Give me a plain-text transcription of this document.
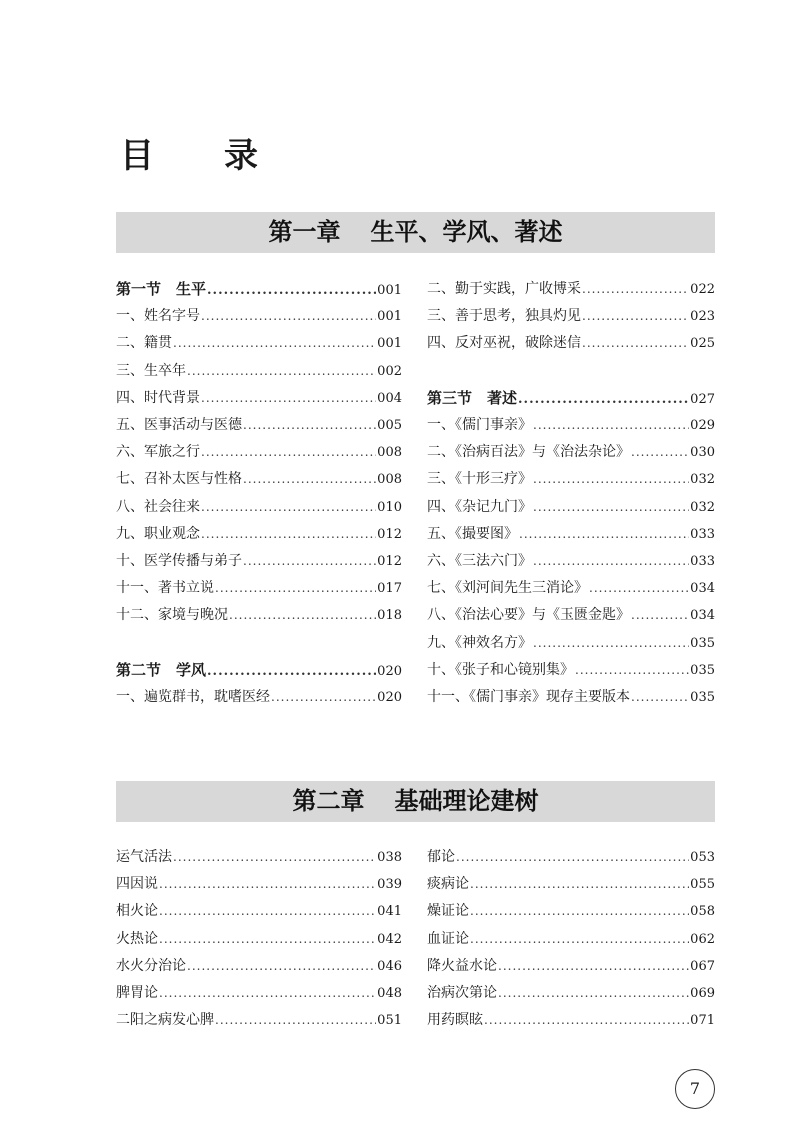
目　录
第一章 生平、学风、著述
第一节　生平 .....	001
一、姓名字号 .....	001
二、籍贯 .....	001
三、生卒年 .....	002
四、时代背景 .....	004
五、医事活动与医德 .....	005
六、军旅之行 .....	008
七、召补太医与性格 .....	008
八、社会往来 .....	010
九、职业观念 .....	012
十、医学传播与弟子 .....	012
十一、著书立说 .....	017
十二、家境与晚况 .....	018
第二节　学风 .....	020
一、遍览群书，耽嗜医经 .....	020
二、勤于实践，广收博采 .....	022
三、善于思考，独具灼见 .....	023
四、反对巫祝，破除迷信 .....	025
第三节　著述 .....	027
一、《儒门事亲》 .....	029
二、《治病百法》与《治法杂论》 .....	030
三、《十形三疗》 .....	032
四、《杂记九门》 .....	032
五、《撮要图》 .....	033
六、《三法六门》 .....	033
七、《刘河间先生三消论》 .....	034
八、《治法心要》与《玉匮金匙》 .....	034
九、《神效名方》 .....	035
十、《张子和心镜别集》 .....	035
十一、《儒门事亲》现存主要版本 .....	035
第二章 基础理论建树
运气活法 .....	038
四因说 .....	039
相火论 .....	041
火热论 .....	042
水火分治论 .....	046
脾胃论 .....	048
二阳之病发心脾 .....	051
郁论 .....	053
痰病论 .....	055
燥证论 .....	058
血证论 .....	062
降火益水论 .....	067
治病次第论 .....	069
用药瞑眩 .....	071
7
